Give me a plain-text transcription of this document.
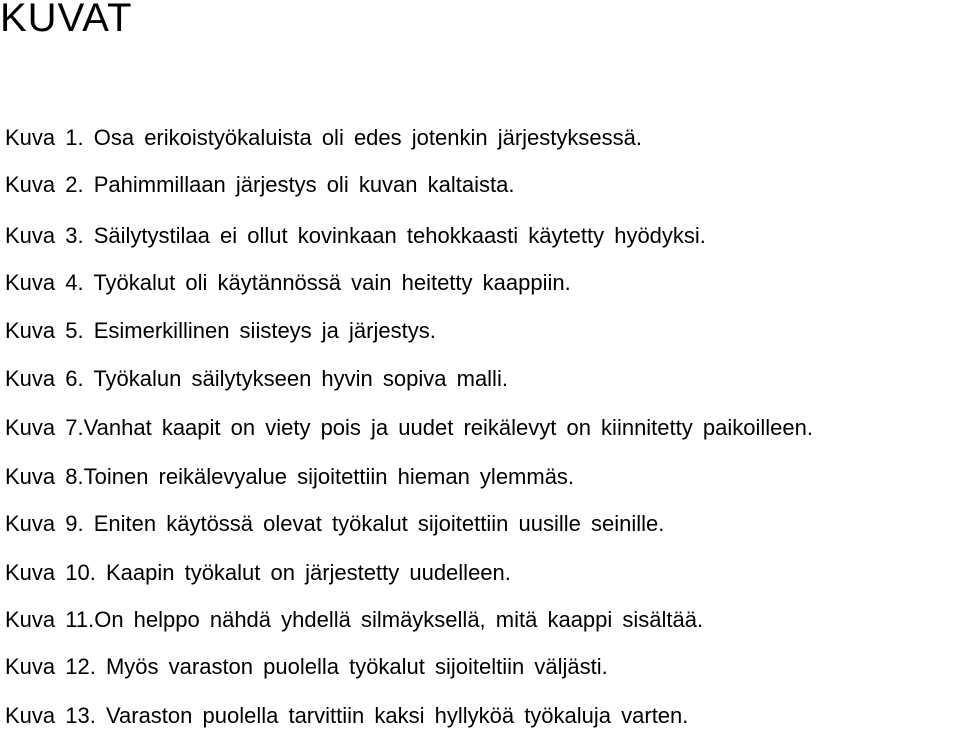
KUVAT
Kuva 1. Osa erikoistyökaluista oli edes jotenkin järjestyksessä.
Kuva 2. Pahimmillaan järjestys oli kuvan kaltaista.
Kuva 3. Säilytystilaa ei ollut kovinkaan tehokkaasti käytetty hyödyksi.
Kuva 4. Työkalut oli käytännössä vain heitetty kaappiin.
Kuva 5. Esimerkillinen siisteys ja järjestys.
Kuva 6. Työkalun säilytykseen hyvin sopiva malli.
Kuva 7.Vanhat kaapit on viety pois ja uudet reikälevyt on kiinnitetty paikoilleen.
Kuva 8.Toinen reikälevyalue sijoitettiin hieman ylemmäs.
Kuva 9. Eniten käytössä olevat työkalut sijoitettiin uusille seinille.
Kuva 10. Kaapin työkalut on järjestetty uudelleen.
Kuva 11.On helppo nähdä yhdellä silmäyksellä, mitä kaappi sisältää.
Kuva 12. Myös varaston puolella työkalut sijoiteltiin väljästi.
Kuva 13. Varaston puolella tarvittiin kaksi hyllyköä työkaluja varten.
